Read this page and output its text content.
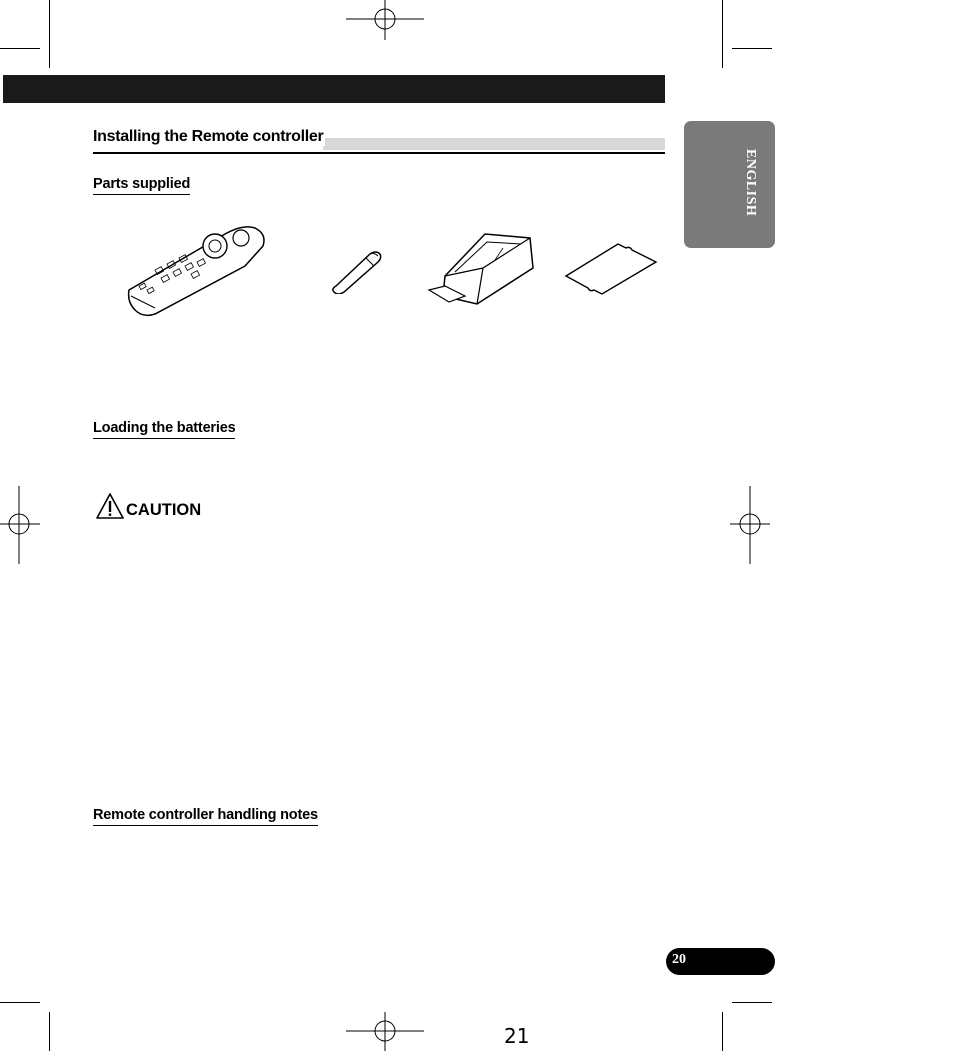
Installing the Remote controller
Parts supplied
Loading the batteries
CAUTION
Remote controller handling notes
ENGLISH
20
21
